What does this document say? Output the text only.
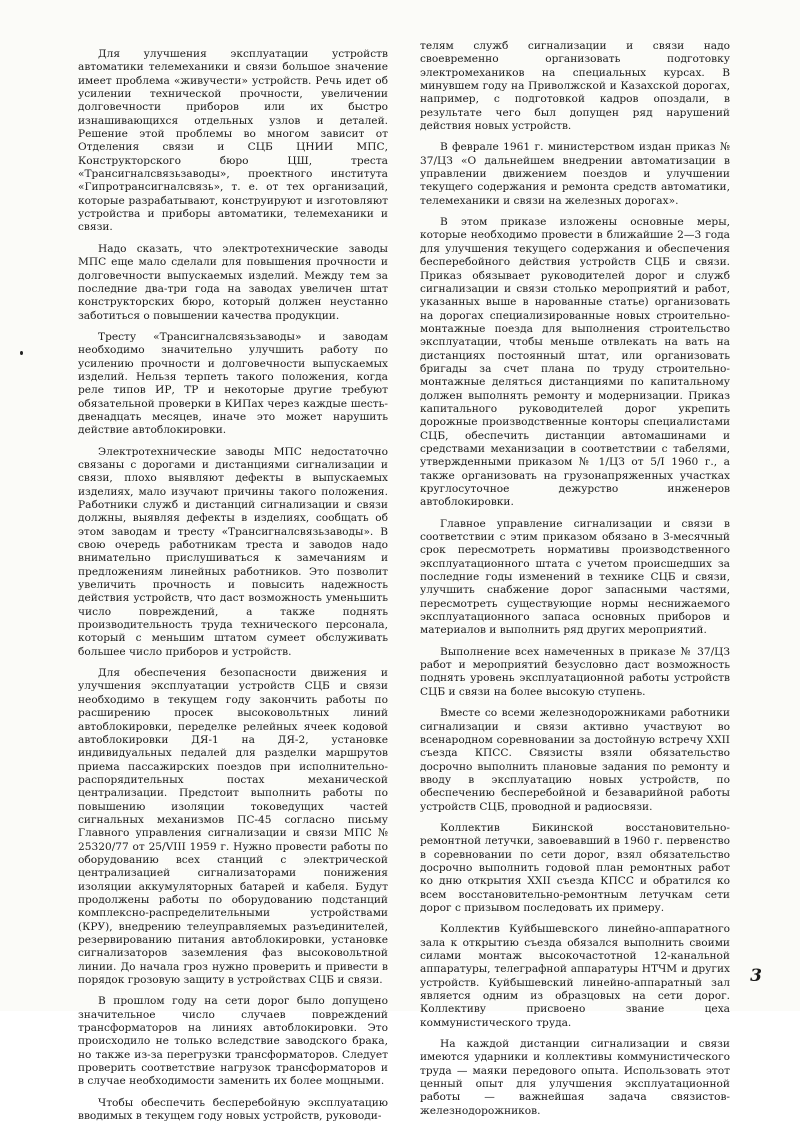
Для улучшения эксплуатации устройств автоматики телемеханики и связи большое значение имеет проблема «живучести» устройств. Речь идет об усилении технической прочности, увеличении долговечности приборов или их быстро изнашивающихся отдельных узлов и деталей. Решение этой проблемы во многом зависит от Отделения связи и СЦБ ЦНИИ МПС, Конструкторского бюро ЦШ, треста «Трансигналсвязьзаводы», проектного института «Гипротрансигналсвязь», т. е. от тех организаций, которые разрабатывают, конструируют и изготовляют устройства и приборы автоматики, телемеханики и связи.

Надо сказать, что электротехнические заводы МПС еще мало сделали для повышения прочности и долговечности выпускаемых изделий. Между тем за последние два-три года на заводах увеличен штат конструкторских бюро, который должен неустанно заботиться о повышении качества продукции.

Тресту «Трансигналсвязьзаводы» и заводам необходимо значительно улучшить работу по усилению прочности и долговечности выпускаемых изделий. Нельзя терпеть такого положения, когда реле типов ИР, ТР и некоторые другие требуют обязательной проверки в КИПах через каждые шесть-двенадцать месяцев, иначе это может нарушить действие автоблокировки.

Электротехнические заводы МПС недостаточно связаны с дорогами и дистанциями сигнализации и связи, плохо выявляют дефекты в выпускаемых изделиях, мало изучают причины такого положения. Работники служб и дистанций сигнализации и связи должны, выявляя дефекты в изделиях, сообщать об этом заводам и тресту «Трансигналсвязьзаводы». В свою очередь работникам треста и заводов надо внимательно прислушиваться к замечаниям и предложениям линейных работников. Это позволит увеличить прочность и повысить надежность действия устройств, что даст возможность уменьшить число повреждений, а также поднять производительность труда технического персонала, который с меньшим штатом сумеет обслуживать большее число приборов и устройств.

Для обеспечения безопасности движения и улучшения эксплуатации устройств СЦБ и связи необходимо в текущем году закончить работы по расширению просек высоковольтных линий автоблокировки, переделке релейных ячеек кодовой автоблокировки ДЯ-1 на ДЯ-2, установке индивидуальных педалей для разделки маршрутов приема пассажирских поездов при исполнительно-распорядительных постах механической централизации. Предстоит выполнить работы по повышению изоляции токоведущих частей сигнальных механизмов ПС-45 согласно письму Главного управления сигнализации и связи МПС № 25320/77 от 25/VIII 1959 г. Нужно провести работы по оборудованию всех станций с электрической централизацией сигнализаторами понижения изоляции аккумуляторных батарей и кабеля. Будут продолжены работы по оборудованию подстанций комплексно-распределительными устройствами (КРУ), внедрению телеуправляемых разъединителей, резервированию питания автоблокировки, установке сигнализаторов заземления фаз высоковольтной линии. До начала гроз нужно проверить и привести в порядок грозовую защиту в устройствах СЦБ и связи.

В прошлом году на сети дорог было допущено значительное число случаев повреждений трансформаторов на линиях автоблокировки. Это происходило не только вследствие заводского брака, но также из-за перегрузки трансформаторов. Следует проверить соответствие нагрузок трансформаторов и в случае необходимости заменить их более мощными.

Чтобы обеспечить бесперебойную эксплуатацию вводимых в текущем году новых устройств, руководи-

телям служб сигнализации и связи надо своевременно организовать подготовку электромехаников на специальных курсах. В минувшем году на Приволжской и Казахской дорогах, например, с подготовкой кадров опоздали, в результате чего был допущен ряд нарушений действия новых устройств.

В феврале 1961 г. министерством издан приказ № 37/ЦЗ «О дальнейшем внедрении автоматизации в управлении движением поездов и улучшении текущего содержания и ремонта средств автоматики, телемеханики и связи на железных дорогах».

В этом приказе изложены основные меры, которые необходимо провести в ближайшие 2—3 года для улучшения текущего содержания и обеспечения бесперебойного действия устройств СЦБ и связи. Приказ обязывает руководителей дорог и служб сигнализации и связи столько мероприятий и работ, указанных выше в нарованные статье) организовать на дорогах специализированные новых строительно-монтажные поезда для выполнения строительство эксплуатации, чтобы меньше отвлекать на вать на дистанциях постоянный штат, или организовать бригады за счет плана по труду строительно-монтажные деляться дистанциями по капитальному должен выполнять ремонту и модернизации. Приказ капитального руководителей дорог укрепить дорожные производственные конторы специалистами СЦБ, обеспечить дистанции автомашинами и средствами механизации в соответствии с табелями, утвержденными приказом № 1/ЦЗ от 5/I 1960 г., а также организовать на грузонапряженных участках круглосуточное дежурство инженеров автоблокировки.

Главное управление сигнализации и связи в соответствии с этим приказом обязано в 3-месячный срок пересмотреть нормативы производственного эксплуатационного штата с учетом происшедших за последние годы изменений в технике СЦБ и связи, улучшить снабжение дорог запасными частями, пересмотреть существующие нормы неснижаемого эксплуатационного запаса основных приборов и материалов и выполнить ряд других мероприятий.

Выполнение всех намеченных в приказе № 37/ЦЗ работ и мероприятий безусловно даст возможность поднять уровень эксплуатационной работы устройств СЦБ и связи на более высокую ступень.

Вместе со всеми железнодорожниками работники сигнализации и связи активно участвуют во всенародном соревновании за достойную встречу XXII съезда КПСС. Связисты взяли обязательство досрочно выполнить плановые задания по ремонту и вводу в эксплуатацию новых устройств, по обеспечению бесперебойной и безаварийной работы устройств СЦБ, проводной и радиосвязи.

Коллектив Бикинской восстановительно-ремонтной летучки, завоевавший в 1960 г. первенство в соревновании по сети дорог, взял обязательство досрочно выполнить годовой план ремонтных работ ко дню открытия XXII съезда КПСС и обратился ко всем восстановительно-ремонтным летучкам сети дорог с призывом последовать их примеру.

Коллектив Куйбышевского линейно-аппаратного зала к открытию съезда обязался выполнить своими силами монтаж высокочастотной 12-канальной аппаратуры, телеграфной аппаратуры НТЧМ и других устройств. Куйбышевский линейно-аппаратный зал является одним из образцовых на сети дорог. Коллективу присвоено звание цеха коммунистического труда.

На каждой дистанции сигнализации и связи имеются ударники и коллективы коммунистического труда — маяки передового опыта. Использовать этот ценный опыт для улучшения эксплуатационной работы — важнейшая задача связистов-железнодорожников.

3
